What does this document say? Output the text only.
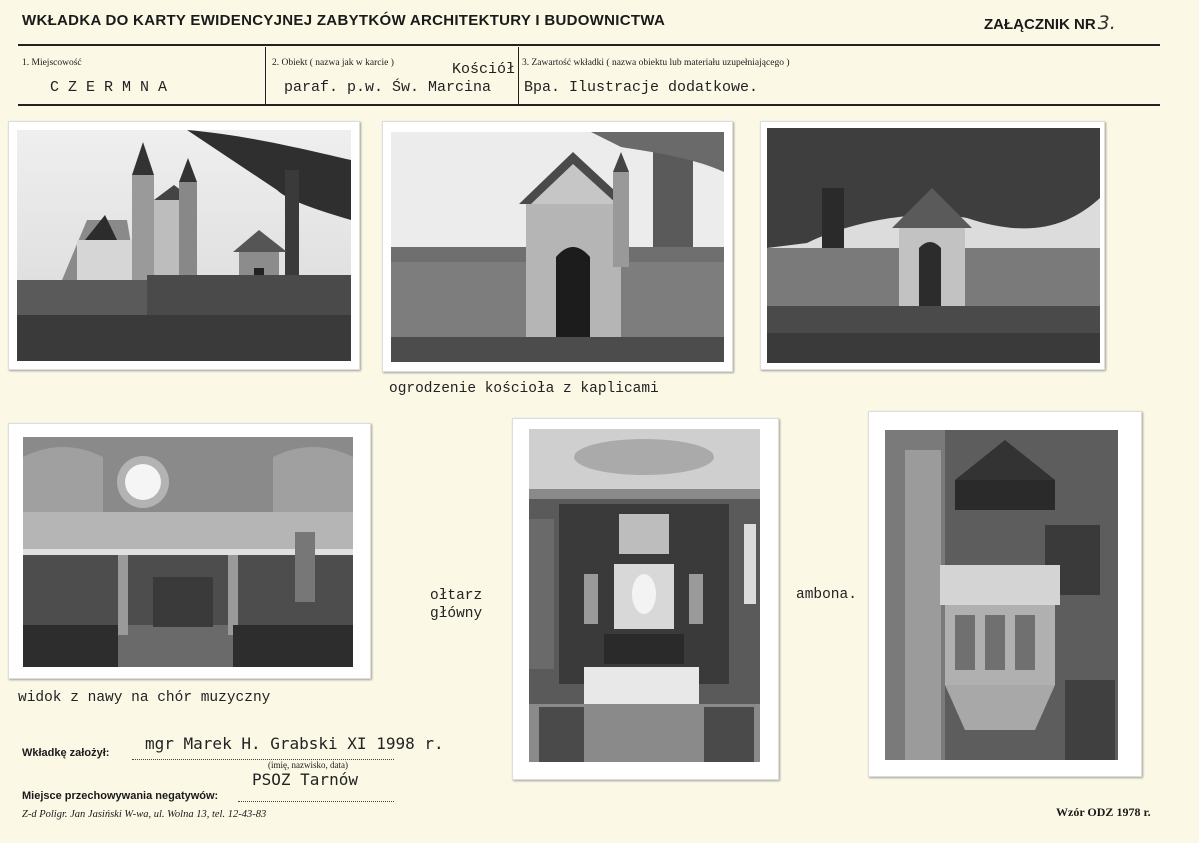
WKŁADKA DO KARTY EWIDENCYJNEJ ZABYTKÓW ARCHITEKTURY I BUDOWNICTWA	ZAŁĄCZNIK NR 3.
1. Miejscowość
CZERMNA
2. Obiekt ( nazwa jak w karcie )	Kościół
paraf. p.w. Św. Marcina
3. Zawartość wkładki ( nazwa obiektu lub materiału uzupełniającego )
Bpa. Ilustracje dodatkowe.
ogrodzenie kościoła z kaplicami
widok z nawy na chór muzyczny
ołtarz
główny
ambona.
mgr Marek H. Grabski XI 1998 r.
Wkładkę założył:
(imię, nazwisko, data)
PSOZ Tarnów
Miejsce przechowywania negatywów:
Z-d Poligr. Jan Jasiński W-wa, ul. Wolna 13, tel. 12-43-83	Wzór ODZ 1978 r.
